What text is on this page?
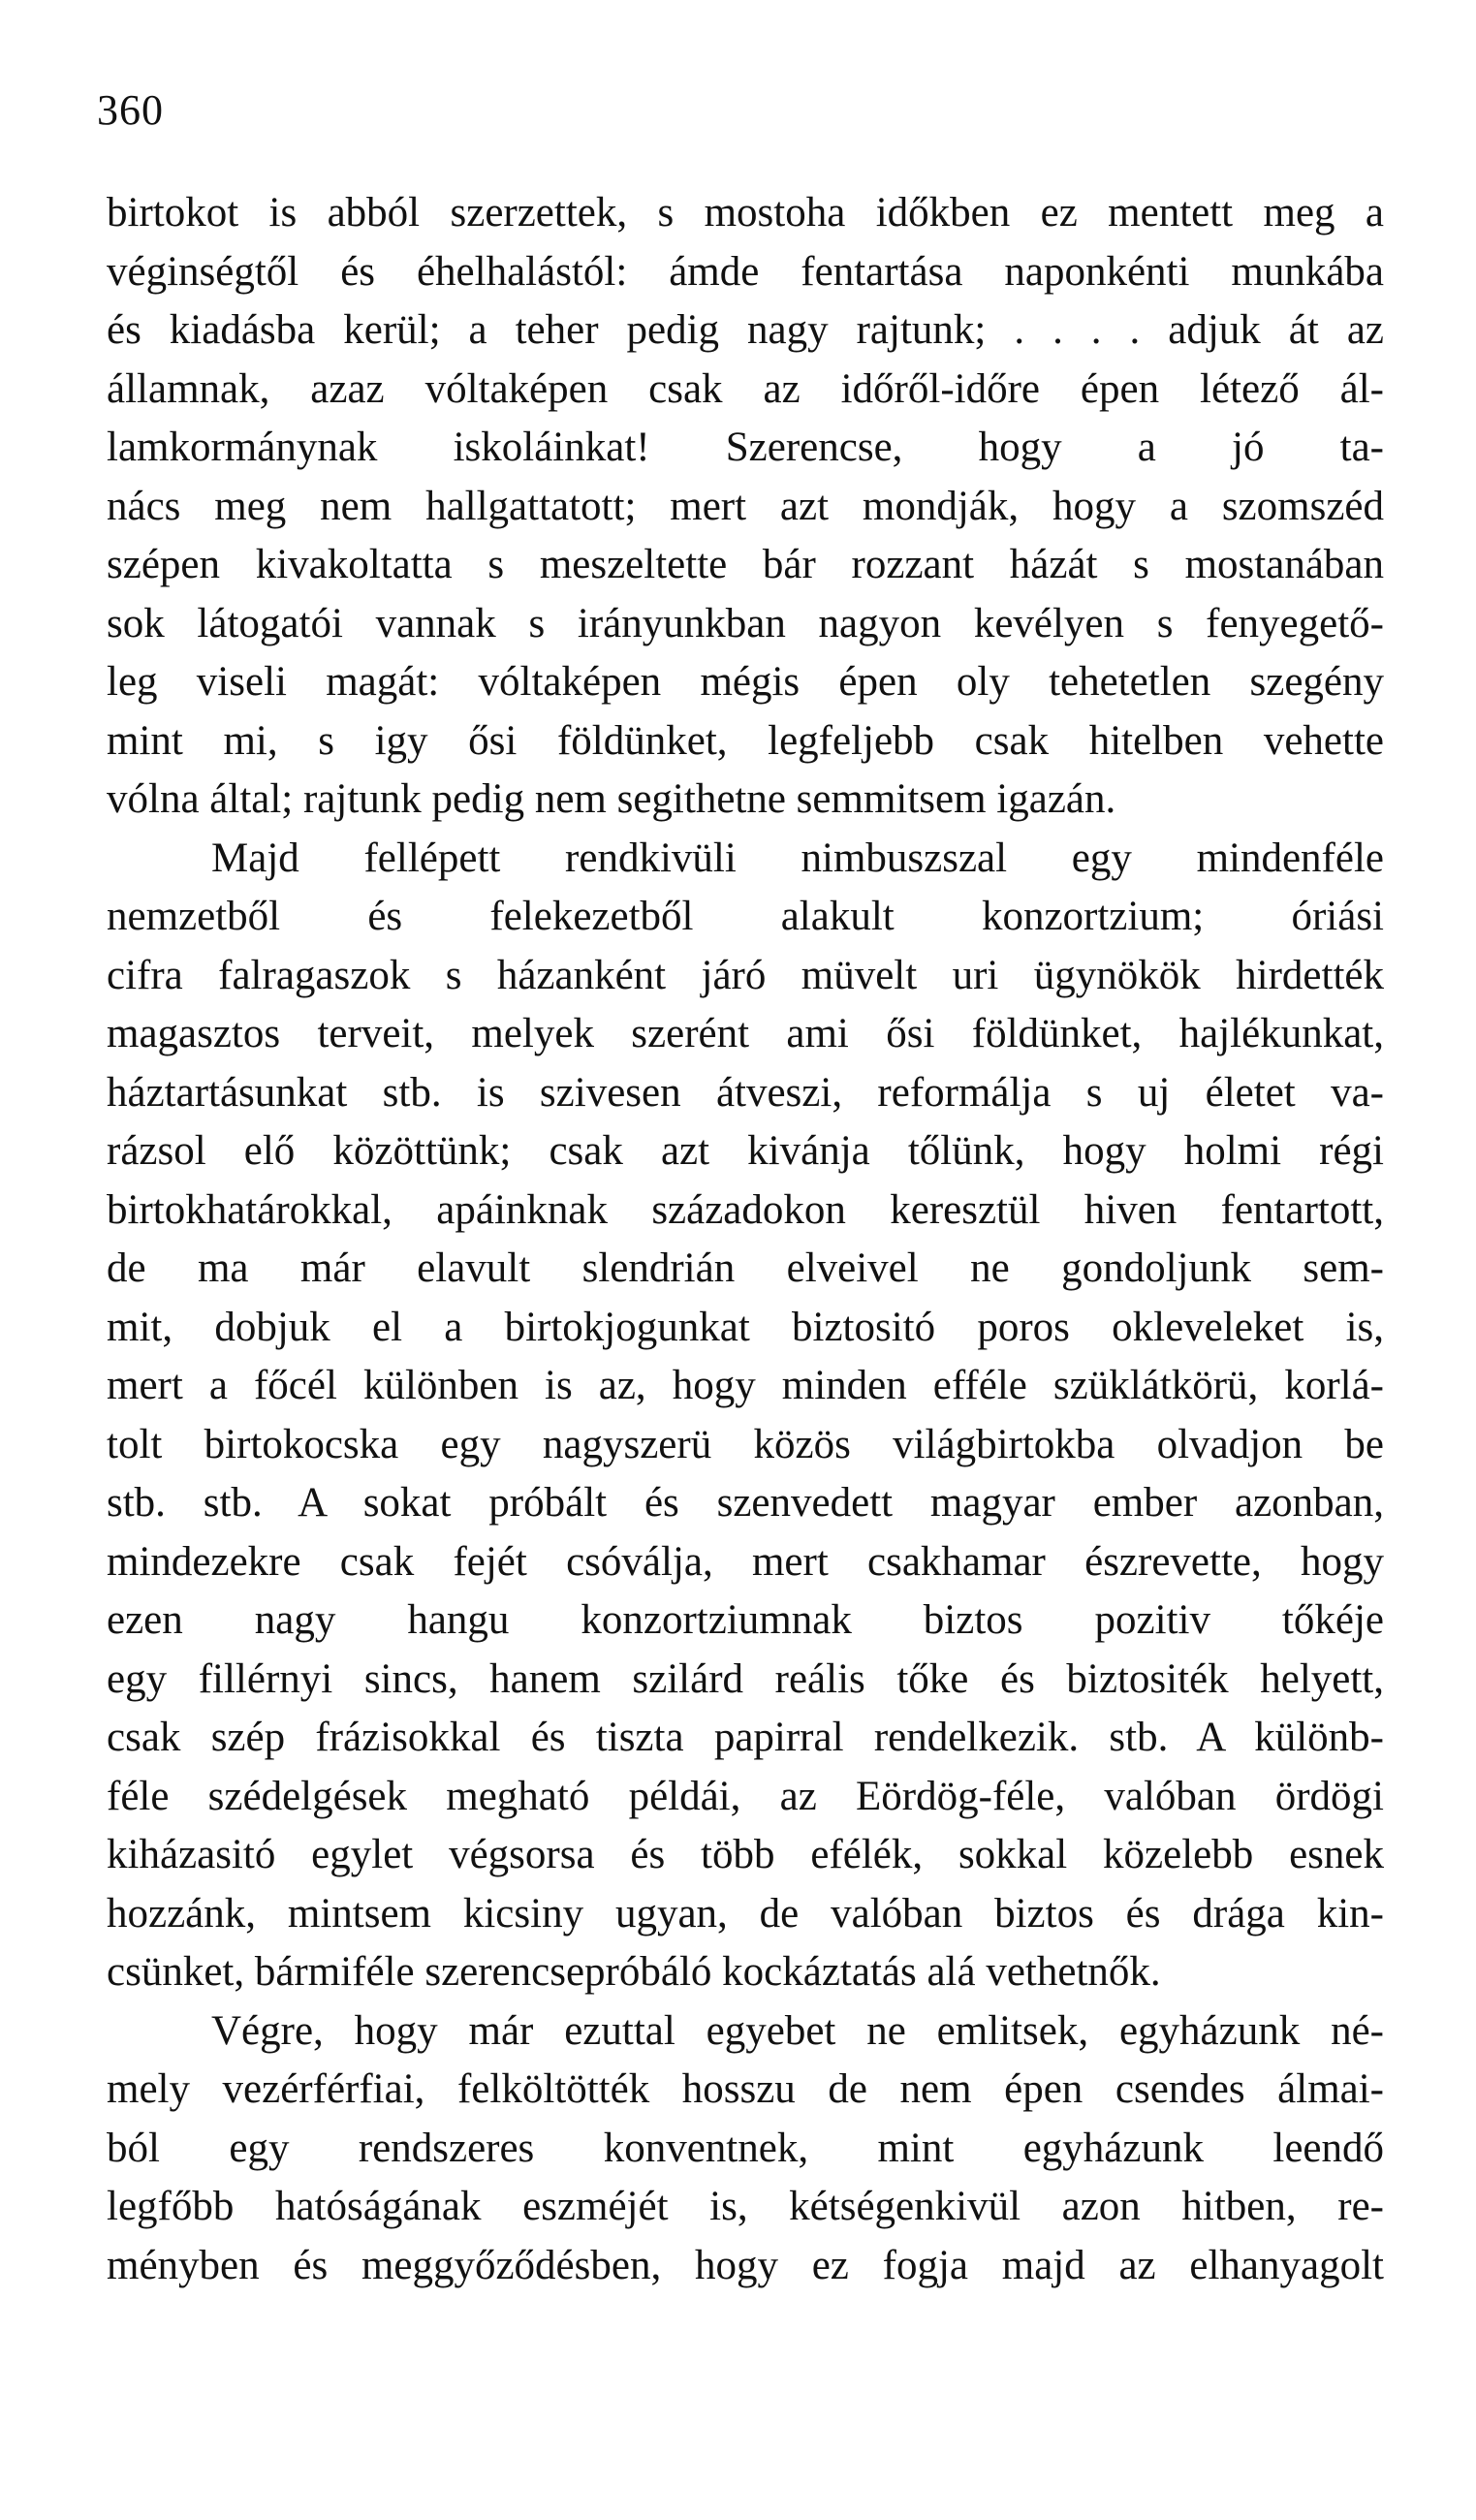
360
birtokot is abból szerzettek, s mostoha időkben ez mentett meg a
véginségtől és éhelhalástól: ámde fentartása naponkénti munkába
és kiadásba kerül; a teher pedig nagy rajtunk; . . . . adjuk át az
államnak, azaz vóltaképen csak az időről-időre épen létező ál-
lamkormánynak iskoláinkat! Szerencse, hogy a jó ta-
nács meg nem hallgattatott; mert azt mondják, hogy a szomszéd
szépen kivakoltatta s meszeltette bár rozzant házát s mostanában
sok látogatói vannak s irányunkban nagyon kevélyen s fenyegető-
leg viseli magát: vóltaképen mégis épen oly tehetetlen szegény
mint mi, s igy ősi földünket, legfeljebb csak hitelben vehette
vólna által; rajtunk pedig nem segithetne semmitsem igazán.
Majd fellépett rendkivüli nimbuszszal egy mindenféle
nemzetből és felekezetből alakult konzortzium; óriási
cifra falragaszok s házanként járó müvelt uri ügynökök hirdették
magasztos terveit, melyek szerént ami ősi földünket, hajlékunkat,
háztartásunkat stb. is szivesen átveszi, reformálja s uj életet va-
rázsol elő közöttünk; csak azt kivánja tőlünk, hogy holmi régi
birtokhatárokkal, apáinknak századokon keresztül hiven fentartott,
de ma már elavult slendrián elveivel ne gondoljunk sem-
mit, dobjuk el a birtokjogunkat biztositó poros okleveleket is,
mert a főcél különben is az, hogy minden efféle szüklátkörü, korlá-
tolt birtokocska egy nagyszerü közös világbirtokba olvadjon be
stb. stb. A sokat próbált és szenvedett magyar ember azonban,
mindezekre csak fejét csóválja, mert csakhamar észrevette, hogy
ezen nagy hangu konzortziumnak biztos pozitiv tőkéje
egy fillérnyi sincs, hanem szilárd reális tőke és biztositék helyett,
csak szép frázisokkal és tiszta papirral rendelkezik. stb. A különb-
féle szédelgések megható példái, az Eördög-féle, valóban ördögi
kiházasitó egylet végsorsa és több efélék, sokkal közelebb esnek
hozzánk, mintsem kicsiny ugyan, de valóban biztos és drága kin-
csünket, bármiféle szerencsepróbáló kockáztatás alá vethetnők.
Végre, hogy már ezuttal egyebet ne emlitsek, egyházunk né-
mely vezérférfiai, felköltötték hosszu de nem épen csendes álmai-
ból egy rendszeres konventnek, mint egyházunk leendő
legfőbb hatóságának eszméjét is, kétségenkivül azon hitben, re-
ményben és meggyőződésben, hogy ez fogja majd az elhanyagolt
